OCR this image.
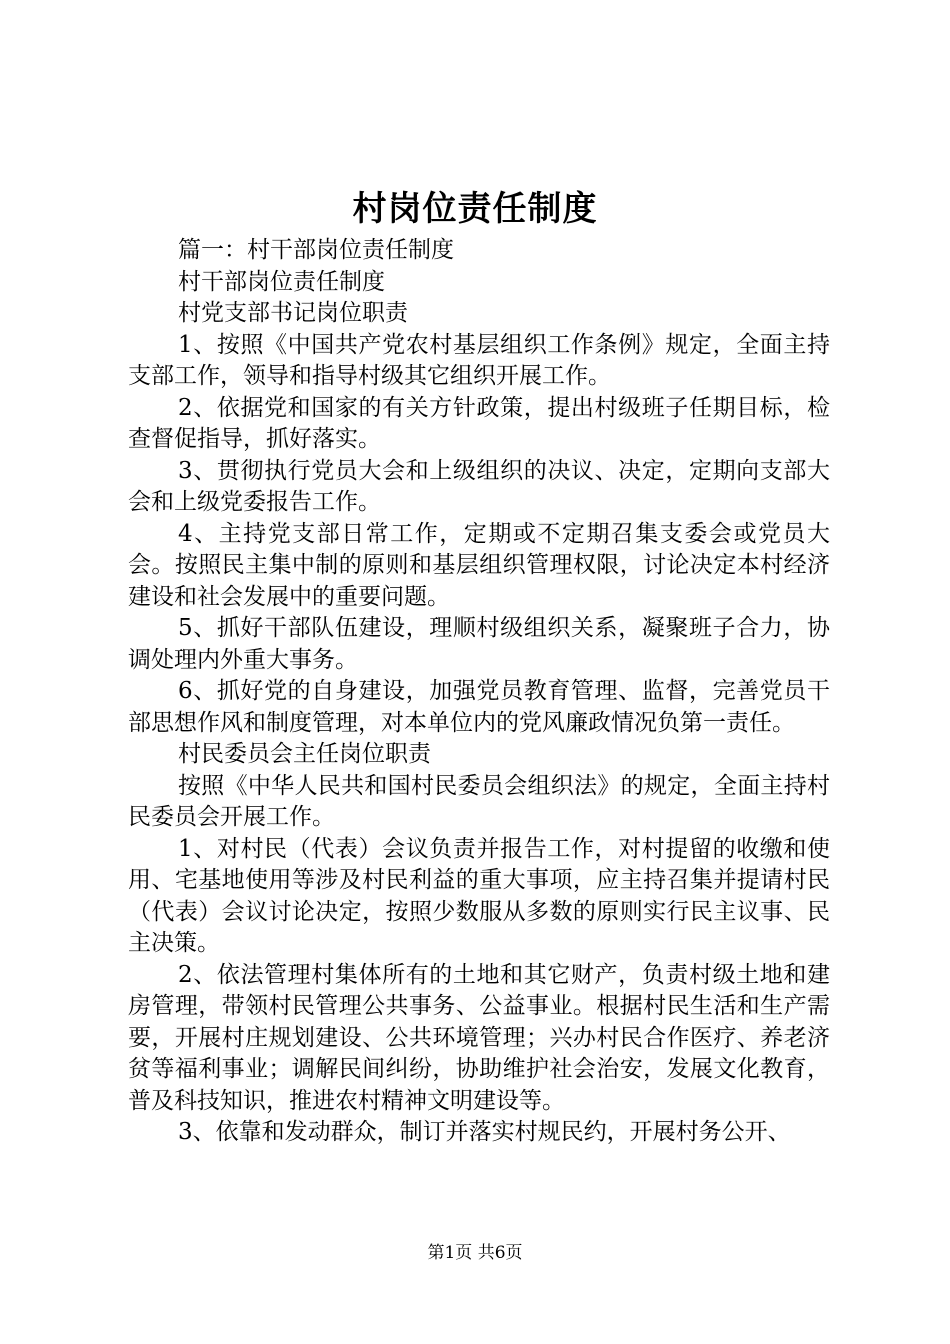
村岗位责任制度

篇一：村干部岗位责任制度

村干部岗位责任制度

村党支部书记岗位职责

1、按照《中国共产党农村基层组织工作条例》规定，全面主持支部工作，领导和指导村级其它组织开展工作。

2、依据党和国家的有关方针政策，提出村级班子任期目标，检查督促指导，抓好落实。

3、贯彻执行党员大会和上级组织的决议、决定，定期向支部大会和上级党委报告工作。

4、主持党支部日常工作，定期或不定期召集支委会或党员大会。按照民主集中制的原则和基层组织管理权限，讨论决定本村经济建设和社会发展中的重要问题。

5、抓好干部队伍建设，理顺村级组织关系，凝聚班子合力，协调处理内外重大事务。

6、抓好党的自身建设，加强党员教育管理、监督，完善党员干部思想作风和制度管理，对本单位内的党风廉政情况负第一责任。

村民委员会主任岗位职责

按照《中华人民共和国村民委员会组织法》的规定，全面主持村民委员会开展工作。

1、对村民（代表）会议负责并报告工作，对村提留的收缴和使用、宅基地使用等涉及村民利益的重大事项，应主持召集并提请村民（代表）会议讨论决定，按照少数服从多数的原则实行民主议事、民主决策。

2、依法管理村集体所有的土地和其它财产，负责村级土地和建房管理，带领村民管理公共事务、公益事业。根据村民生活和生产需要，开展村庄规划建设、公共环境管理；兴办村民合作医疗、养老济贫等福利事业；调解民间纠纷，协助维护社会治安，发展文化教育，普及科技知识，推进农村精神文明建设等。

3、依靠和发动群众，制订并落实村规民约，开展村务公开、

第1页 共6页
